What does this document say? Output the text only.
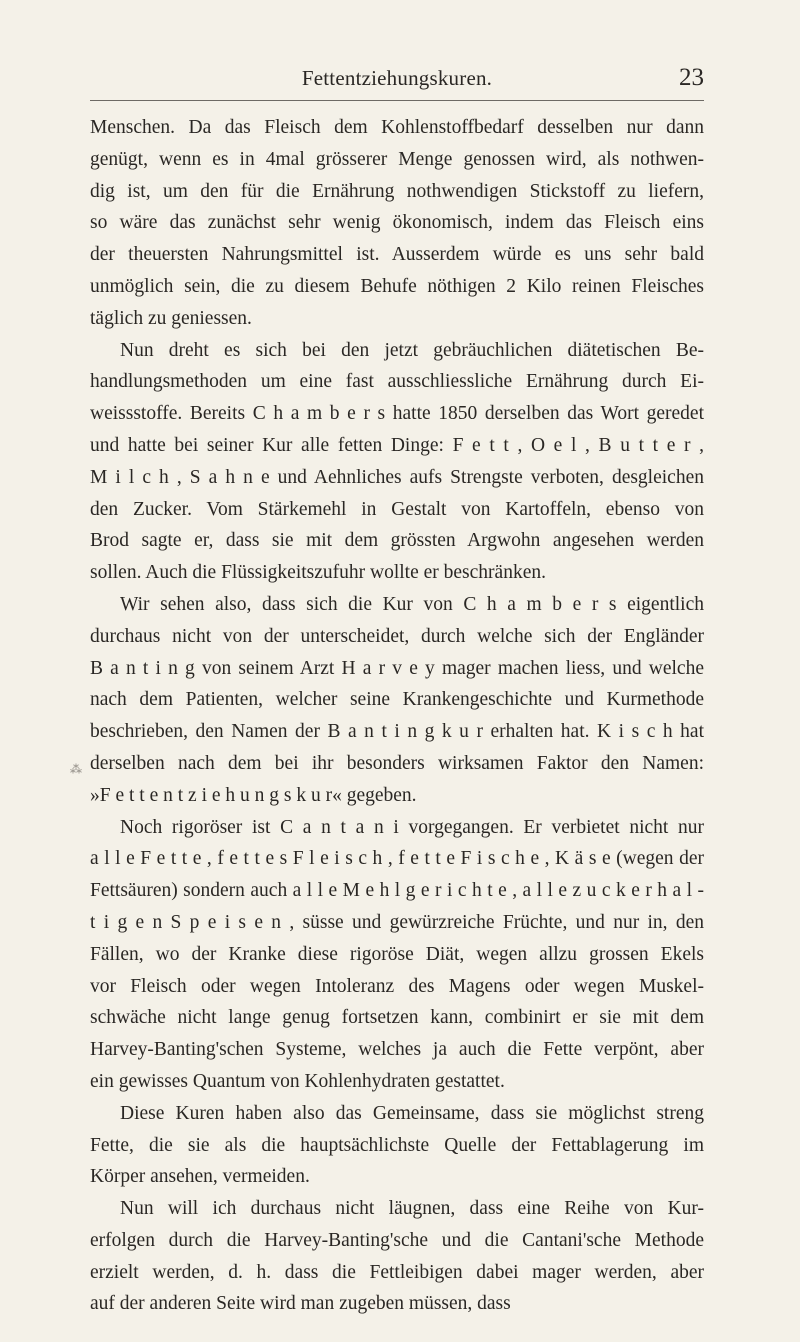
Fettentziehungskuren.	23
⁂
Menschen. Da das Fleisch dem Kohlenstoffbedarf desselben nur dann
genügt, wenn es in 4mal grösserer Menge genossen wird, als nothwen-
dig ist, um den für die Ernährung nothwendigen Stickstoff zu liefern,
so wäre das zunächst sehr wenig ökonomisch, indem das Fleisch eins
der theuersten Nahrungsmittel ist. Ausserdem würde es uns sehr bald
unmöglich sein, die zu diesem Behufe nöthigen 2 Kilo reinen Fleisches
täglich zu geniessen.
Nun dreht es sich bei den jetzt gebräuchlichen diätetischen Be-
handlungsmethoden um eine fast ausschliessliche Ernährung durch Ei-
weissstoffe. Bereits C h a m b e r s hatte 1850 derselben das Wort geredet
und hatte bei seiner Kur alle fetten Dinge: F e t t , O e l , B u t t e r ,
M i l c h , S a h n e und Aehnliches aufs Strengste verboten, desgleichen
den Zucker. Vom Stärkemehl in Gestalt von Kartoffeln, ebenso von
Brod sagte er, dass sie mit dem grössten Argwohn angesehen werden
sollen. Auch die Flüssigkeitszufuhr wollte er beschränken.
Wir sehen also, dass sich die Kur von C h a m b e r s eigentlich
durchaus nicht von der unterscheidet, durch welche sich der Engländer
B a n t i n g von seinem Arzt H a r v e y mager machen liess, und welche
nach dem Patienten, welcher seine Krankengeschichte und Kurmethode
beschrieben, den Namen der B a n t i n g k u r erhalten hat. K i s c h hat
derselben nach dem bei ihr besonders wirksamen Faktor den Namen:
»F e t t e n t z i e h u n g s k u r« gegeben.
Noch rigoröser ist C a n t a n i vorgegangen. Er verbietet nicht nur
a l l e F e t t e , f e t t e s F l e i s c h , f e t t e F i s c h e , K ä s e (wegen der
Fettsäuren) sondern auch a l l e M e h l g e r i c h t e , a l l e z u c k e r h a l -
t i g e n S p e i s e n , süsse und gewürzreiche Früchte, und nur in, den
Fällen, wo der Kranke diese rigoröse Diät, wegen allzu grossen Ekels
vor Fleisch oder wegen Intoleranz des Magens oder wegen Muskel-
schwäche nicht lange genug fortsetzen kann, combinirt er sie mit dem
Harvey-Banting'schen Systeme, welches ja auch die Fette verpönt, aber
ein gewisses Quantum von Kohlenhydraten gestattet.
Diese Kuren haben also das Gemeinsame, dass sie möglichst streng
Fette, die sie als die hauptsächlichste Quelle der Fettablagerung im
Körper ansehen, vermeiden.
Nun will ich durchaus nicht läugnen, dass eine Reihe von Kur-
erfolgen durch die Harvey-Banting'sche und die Cantani'sche Methode
erzielt werden, d. h. dass die Fettleibigen dabei mager werden, aber
auf der anderen Seite wird man zugeben müssen, dass
